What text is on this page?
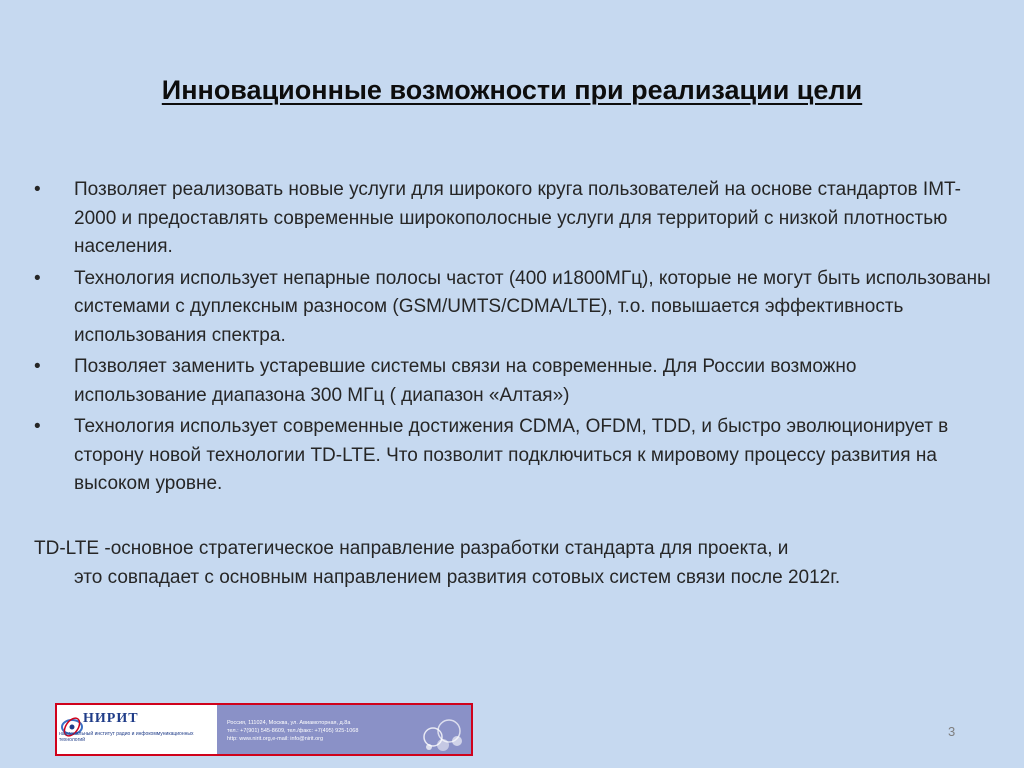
Инновационные возможности при реализации цели
• Позволяет реализовать новые услуги для широкого круга пользователей на основе стандартов IMT-2000 и предоставлять современные широкополосные услуги для территорий с низкой плотностью населения.
• Технология использует непарные полосы частот (400 и1800МГц), которые не могут быть использованы системами с дуплексным разносом (GSM/UMTS/CDMA/LTE), т.о. повышается эффективность использования спектра.
• Позволяет заменить устаревшие системы связи на современные. Для России возможно использование диапазона 300 МГц ( диапазон «Алтая»)
• Технология использует современные достижения CDMA, OFDM, TDD, и быстро эволюционирует в сторону новой технологии TD-LTE. Что позволит подключиться к мировому процессу развития на высоком уровне.
TD-LTE -основное стратегическое направление разработки стандарта для проекта, и
это совпадает с основным направлением развития сотовых систем связи после 2012г.
НИРИТ
национальный институт радио и инфокоммуникационных технологий
Россия, 111024, Москва, ул. Авиамоторная, д.8а
тел.: +7(901) 545-8609, тел./факс: +7(495) 925-1068
http: www.nirit.org,e-mail: info@nirit.org	3
